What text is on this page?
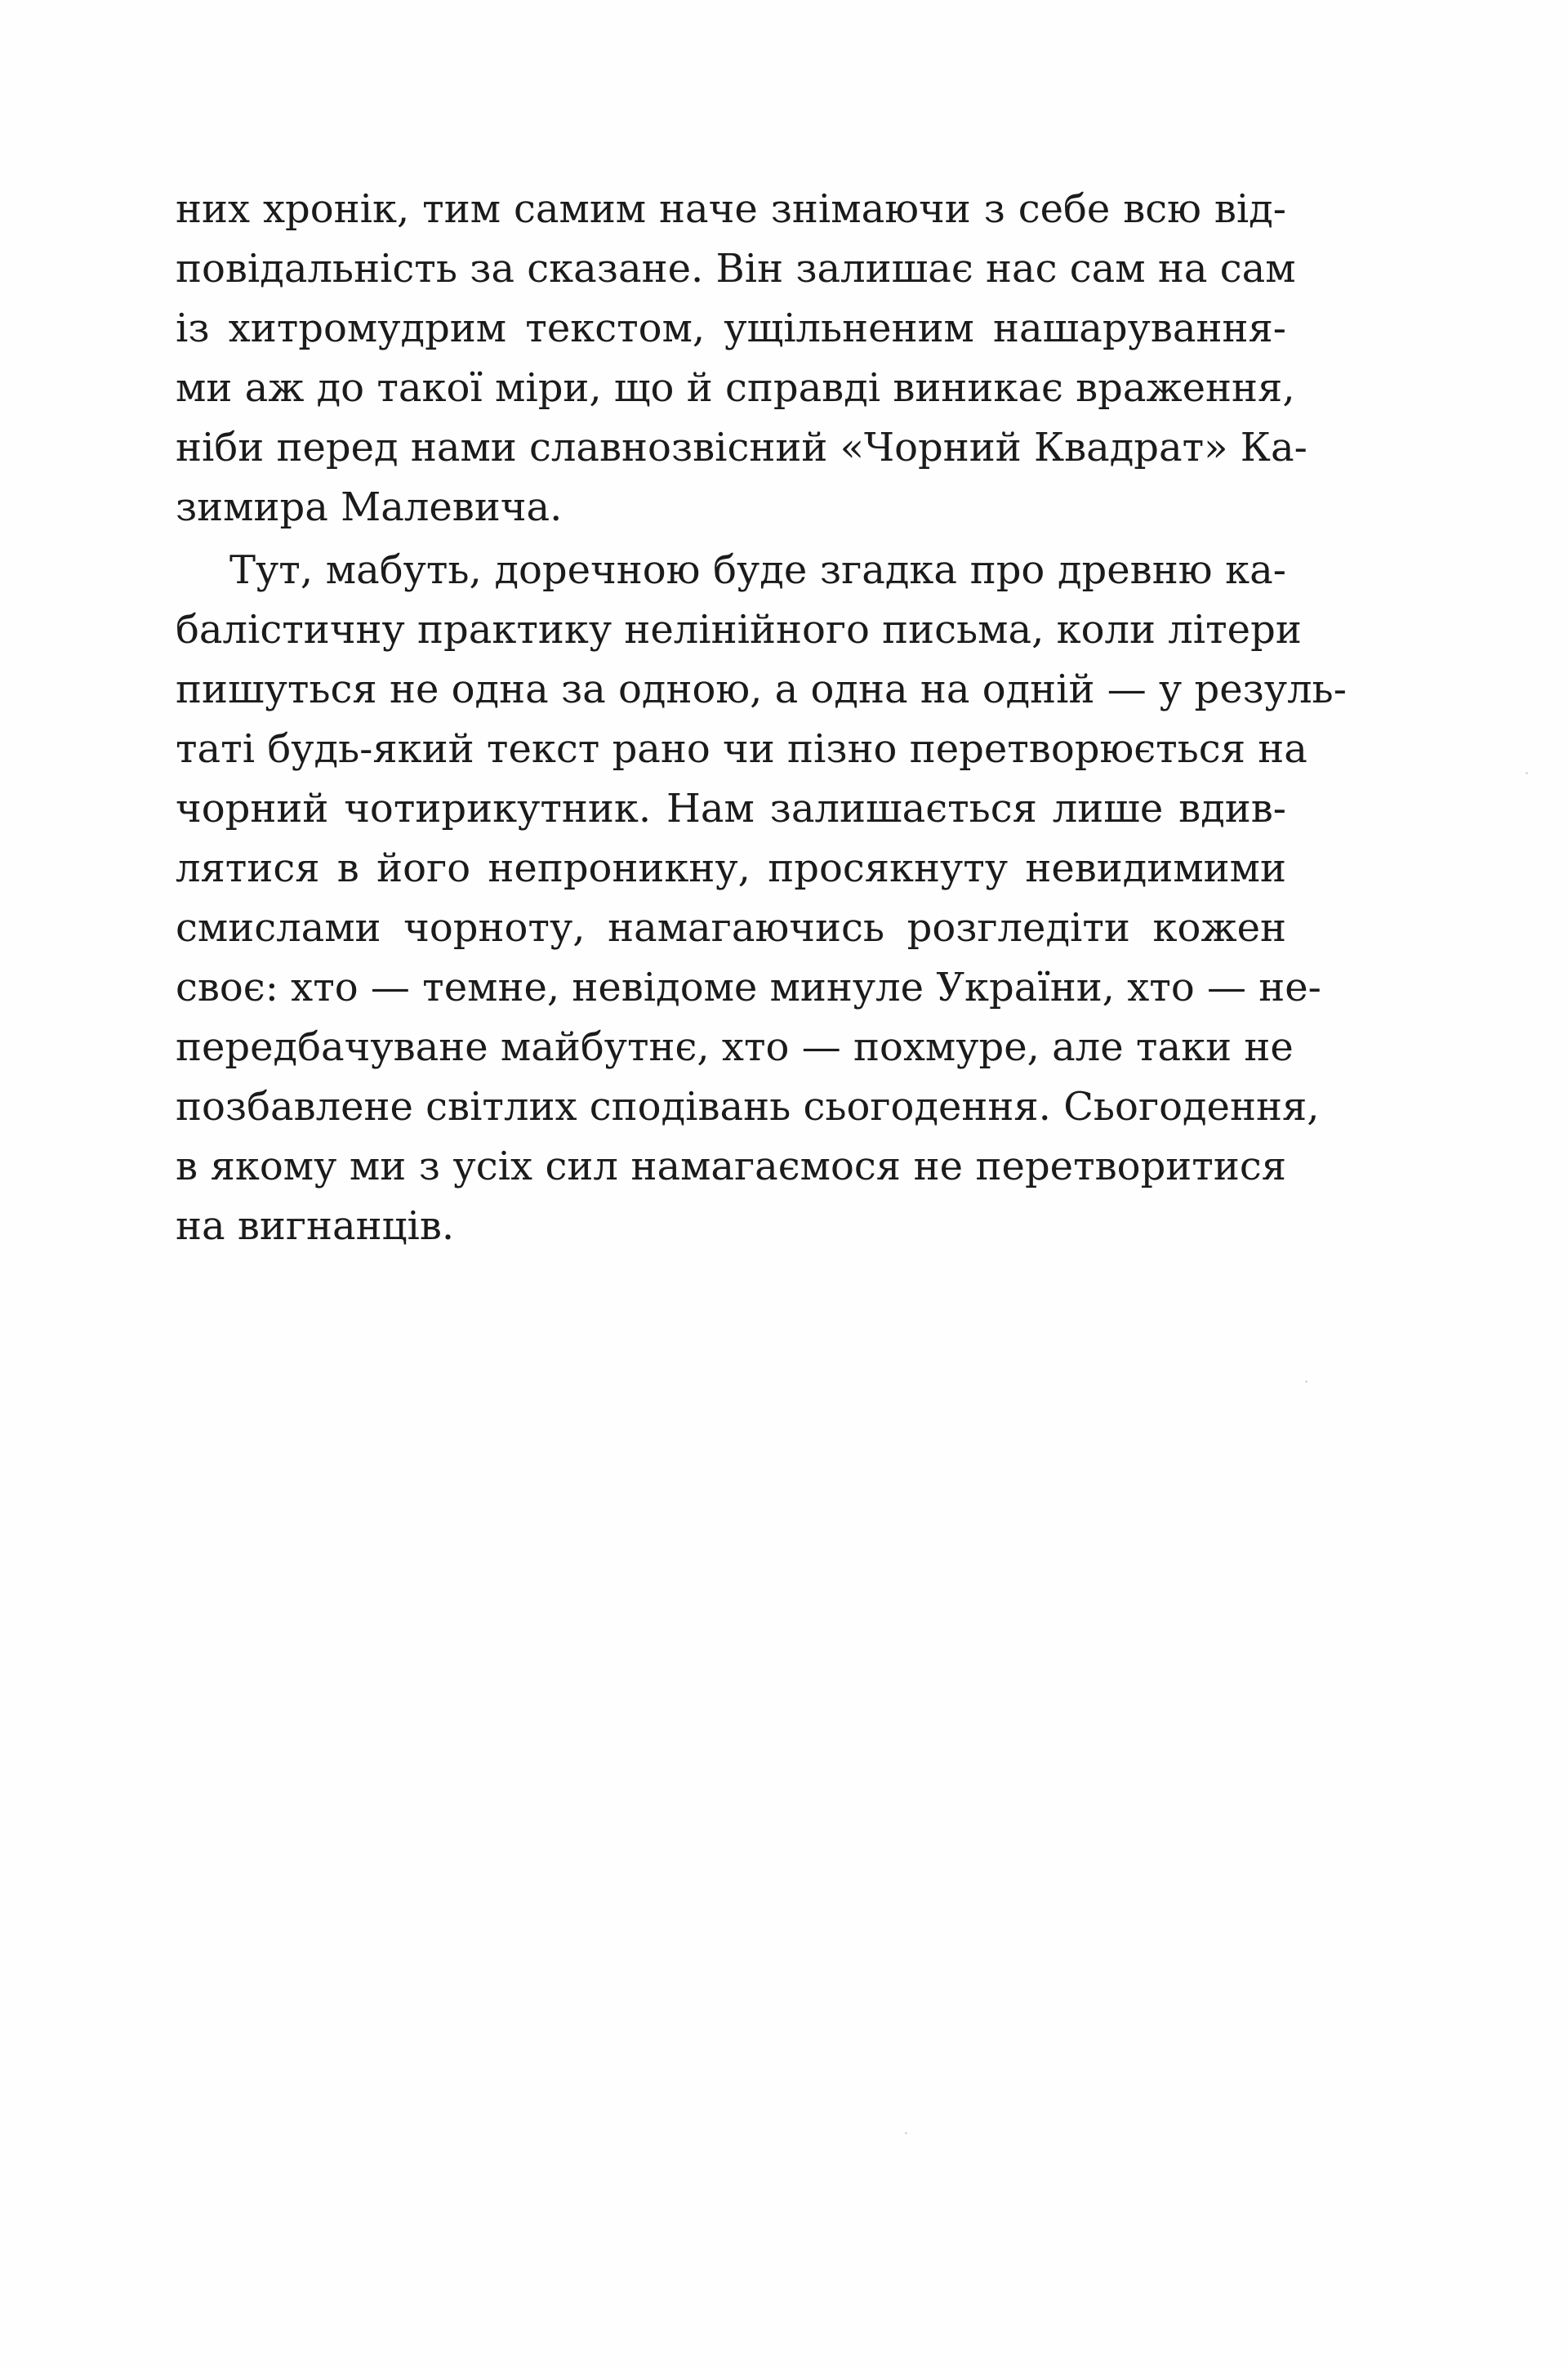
них хронік, тим самим наче знімаючи з себе всю від-
повідальність за сказане. Він залишає нас сам на сам
із хитромудрим текстом, ущільненим нашарування-
ми аж до такої міри, що й справді виникає враження,
ніби перед нами славнозвісний «Чорний Квадрат» Ка-
зимира Малевича.
Тут, мабуть, доречною буде згадка про древню ка-
балістичну практику нелінійного письма, коли літери
пишуться не одна за одною, а одна на одній — у резуль-
таті будь-який текст рано чи пізно перетворюється на
чорний чотирикутник. Нам залишається лише вдив-
лятися в його непроникну, просякнуту невидимими
смислами чорноту, намагаючись розгледіти кожен
своє: хто — темне, невідоме минуле України, хто — не-
передбачуване майбутнє, хто — похмуре, але таки не
позбавлене світлих сподівань сьогодення. Сьогодення,
в якому ми з усіх сил намагаємося не перетворитися
на вигнанців.
